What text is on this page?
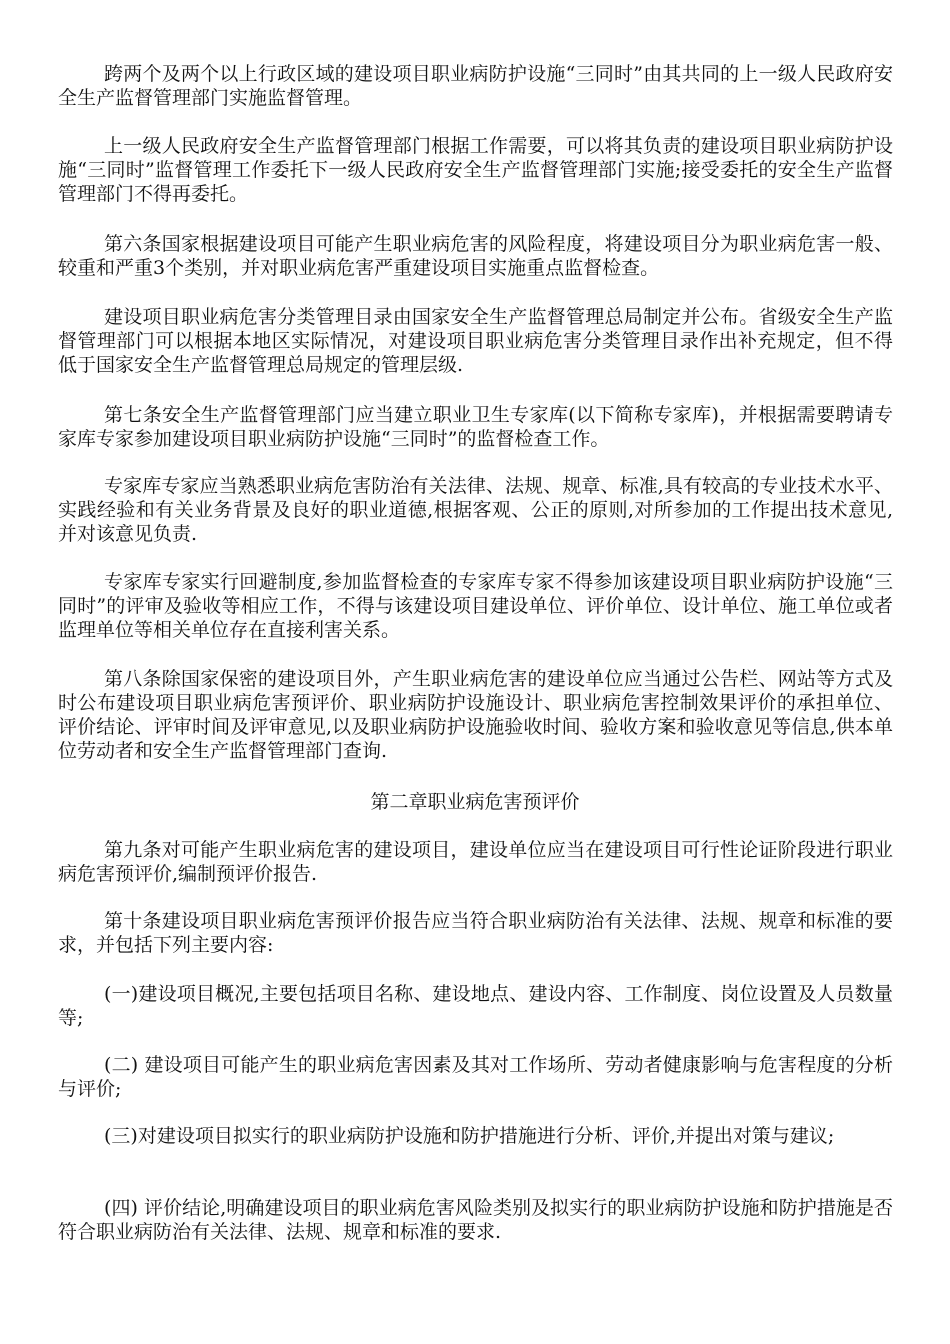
跨两个及两个以上行政区域的建设项目职业病防护设施“三同时”由其共同的上一级人民政府安全生产监督管理部门实施监督管理。

上一级人民政府安全生产监督管理部门根据工作需要，可以将其负责的建设项目职业病防护设施“三同时”监督管理工作委托下一级人民政府安全生产监督管理部门实施;接受委托的安全生产监督管理部门不得再委托。

第六条国家根据建设项目可能产生职业病危害的风险程度，将建设项目分为职业病危害一般、较重和严重3个类别，并对职业病危害严重建设项目实施重点监督检查。

建设项目职业病危害分类管理目录由国家安全生产监督管理总局制定并公布。省级安全生产监督管理部门可以根据本地区实际情况，对建设项目职业病危害分类管理目录作出补充规定，但不得低于国家安全生产监督管理总局规定的管理层级.

第七条安全生产监督管理部门应当建立职业卫生专家库(以下简称专家库)，并根据需要聘请专家库专家参加建设项目职业病防护设施“三同时”的监督检查工作。

专家库专家应当熟悉职业病危害防治有关法律、法规、规章、标准,具有较高的专业技术水平、实践经验和有关业务背景及良好的职业道德,根据客观、公正的原则,对所参加的工作提出技术意见,并对该意见负责.

专家库专家实行回避制度,参加监督检查的专家库专家不得参加该建设项目职业病防护设施“三同时”的评审及验收等相应工作，不得与该建设项目建设单位、评价单位、设计单位、施工单位或者监理单位等相关单位存在直接利害关系。

第八条除国家保密的建设项目外，产生职业病危害的建设单位应当通过公告栏、网站等方式及时公布建设项目职业病危害预评价、职业病防护设施设计、职业病危害控制效果评价的承担单位、评价结论、评审时间及评审意见,以及职业病防护设施验收时间、验收方案和验收意见等信息,供本单位劳动者和安全生产监督管理部门查询.

第二章职业病危害预评价

第九条对可能产生职业病危害的建设项目，建设单位应当在建设项目可行性论证阶段进行职业病危害预评价,编制预评价报告.

第十条建设项目职业病危害预评价报告应当符合职业病防治有关法律、法规、规章和标准的要求，并包括下列主要内容:

(一)建设项目概况,主要包括项目名称、建设地点、建设内容、工作制度、岗位设置及人员数量等;

(二) 建设项目可能产生的职业病危害因素及其对工作场所、劳动者健康影响与危害程度的分析与评价;

(三)对建设项目拟实行的职业病防护设施和防护措施进行分析、评价,并提出对策与建议;

(四) 评价结论,明确建设项目的职业病危害风险类别及拟实行的职业病防护设施和防护措施是否符合职业病防治有关法律、法规、规章和标准的要求.
